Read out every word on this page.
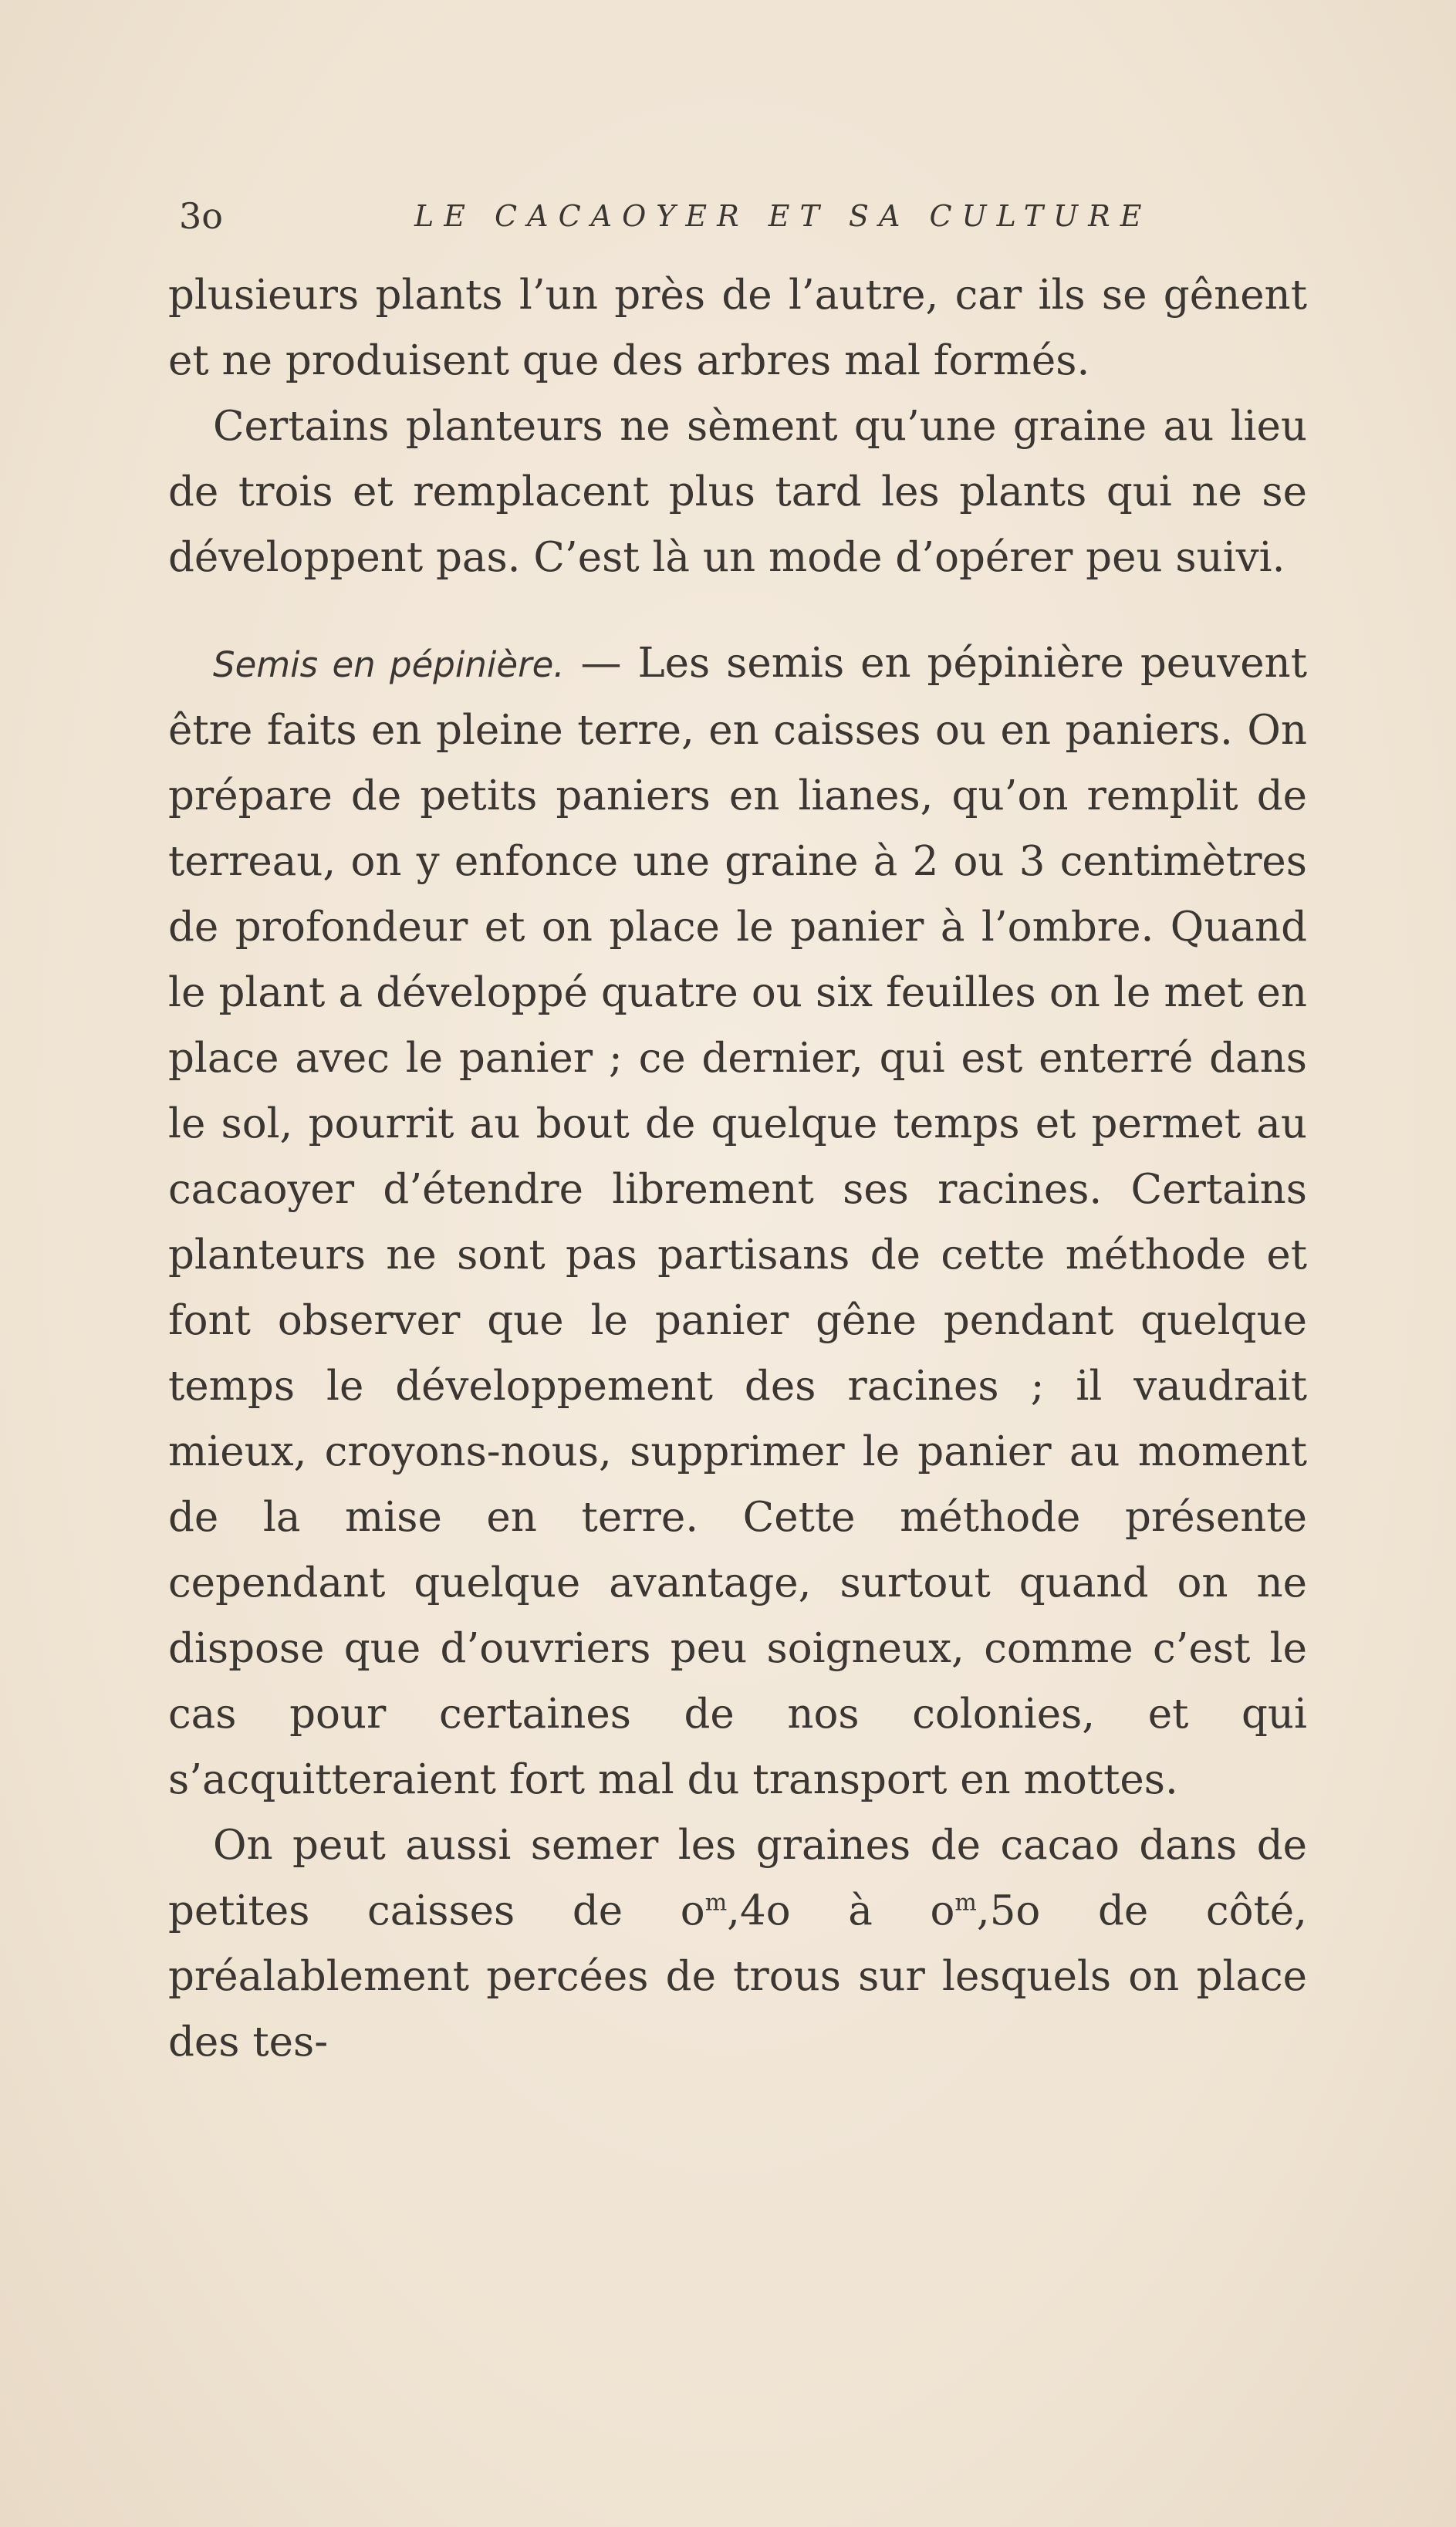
3o	LE CACAOYER ET SA CULTURE

plusieurs plants l’un près de l’autre, car ils se gênent et ne produisent que des arbres mal formés.

Certains planteurs ne sèment qu’une graine au lieu de trois et remplacent plus tard les plants qui ne se développent pas. C’est là un mode d’opérer peu suivi.

Semis en pépinière. — Les semis en pépinière peuvent être faits en pleine terre, en caisses ou en paniers. On prépare de petits paniers en lianes, qu’on remplit de terreau, on y enfonce une graine à 2 ou 3 centimètres de profondeur et on place le panier à l’ombre. Quand le plant a développé quatre ou six feuilles on le met en place avec le panier ; ce dernier, qui est enterré dans le sol, pourrit au bout de quelque temps et permet au cacaoyer d’étendre librement ses racines. Certains planteurs ne sont pas partisans de cette méthode et font observer que le panier gêne pendant quelque temps le développement des racines ; il vaudrait mieux, croyons-nous, supprimer le panier au moment de la mise en terre. Cette méthode présente cependant quelque avantage, surtout quand on ne dispose que d’ouvriers peu soigneux, comme c’est le cas pour certaines de nos colonies, et qui s’acquitteraient fort mal du transport en mottes.

On peut aussi semer les graines de cacao dans de petites caisses de $o^m,4o$ à $o^m,5o$ de côté, préalablement percées de trous sur lesquels on place des tes-
